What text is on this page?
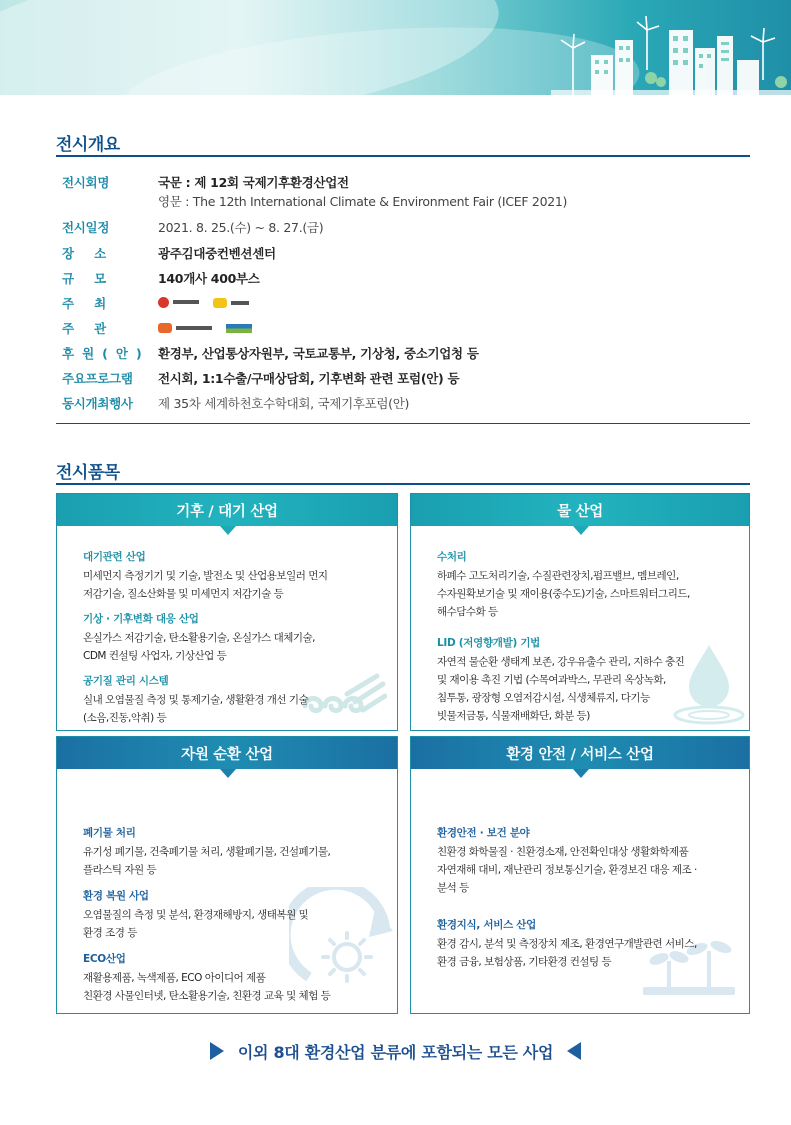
전시개요
전시회명	국문 : 제 12회 국제기후환경산업전
영문 : The 12th International Climate & Environment Fair (ICEF 2021)
전시일정	2021. 8. 25.(수) ~ 8. 27.(금)
장소	광주김대중컨벤션센터
규모	140개사 400부스
주최

주관

후원(안) 환경부, 산업통상자원부, 국토교통부, 기상청, 중소기업청 등
주요프로그램	전시회, 1:1수출/구매상담회, 기후변화 관련 포럼(안) 등
동시개최행사	제 35차 세계하천호수학대회, 국제기후포럼(안)
전시품목
기후 / 대기 산업
대기관련 산업
미세먼지 측정기기 및 기술, 발전소 및 산업용보일러 먼지
저감기술, 질소산화물 및 미세먼지 저감기술 등
기상 · 기후변화 대응 산업
온실가스 저감기술, 탄소활용기술, 온실가스 대체기술,
CDM 컨설팅 사업자, 기상산업 등
공기질 관리 시스템
실내 오염물질 측정 및 통제기술, 생활환경 개선 기술
(소음,진동,악취) 등
물 산업
수처리
하폐수 고도처리기술, 수질관련장치,펌프밸브, 멤브레인,
수자원확보기술 및 재이용(중수도)기술, 스마트워터그리드,
해수담수화 등
LID (저영향개발) 기법
자연적 물순환 생태계 보존, 강우유출수 관리, 지하수 충진
및 재이용 촉진 기법 (수목여과박스, 무관리 옥상녹화,
침투통, 광장형 오염저감시설, 식생체류지, 다기능
빗물저금통, 식물재배화단, 화분 등)
자원 순환 산업
폐기물 처리
유기성 폐기물, 건축폐기물 처리, 생활폐기물, 건설폐기물,
플라스틱 자원 등
환경 복원 사업
오염물질의 측정 및 분석, 환경재해방지, 생태복원 및
환경 조경 등
ECO산업
재활용제품, 녹색제품, ECO 아이디어 제품
친환경 사물인터넷, 탄소활용기술, 친환경 교육 및 체험 등
환경 안전 / 서비스 산업
환경안전 · 보건 분야
친환경 화학물질 · 친환경소재, 안전확인대상 생활화학제품
자연재해 대비, 재난관리 정보통신기술, 환경보건 대응 제조 ·
분석 등
환경지식, 서비스 산업
환경 감시, 분석 및 측정장치 제조, 환경연구개발관련 서비스,
환경 금융, 보험상품, 기타환경 컨설팅 등
이외 8대 환경산업 분류에 포함되는 모든 사업
